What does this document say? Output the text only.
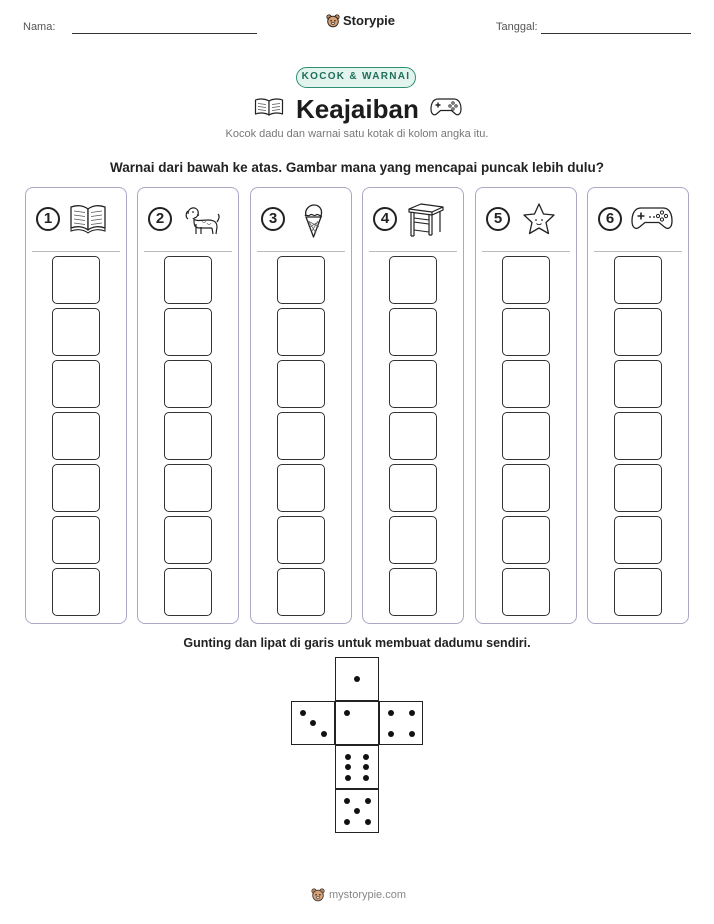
Nama:	Storypie	Tanggal:
KOCOK & WARNAI
Keajaiban
Kocok dadu dan warnai satu kotak di kolom angka itu.
Warnai dari bawah ke atas. Gambar mana yang mencapai puncak lebih dulu?
1	2	3	4	5	6
Gunting dan lipat di garis untuk membuat dadumu sendiri.
mystorypie.com
